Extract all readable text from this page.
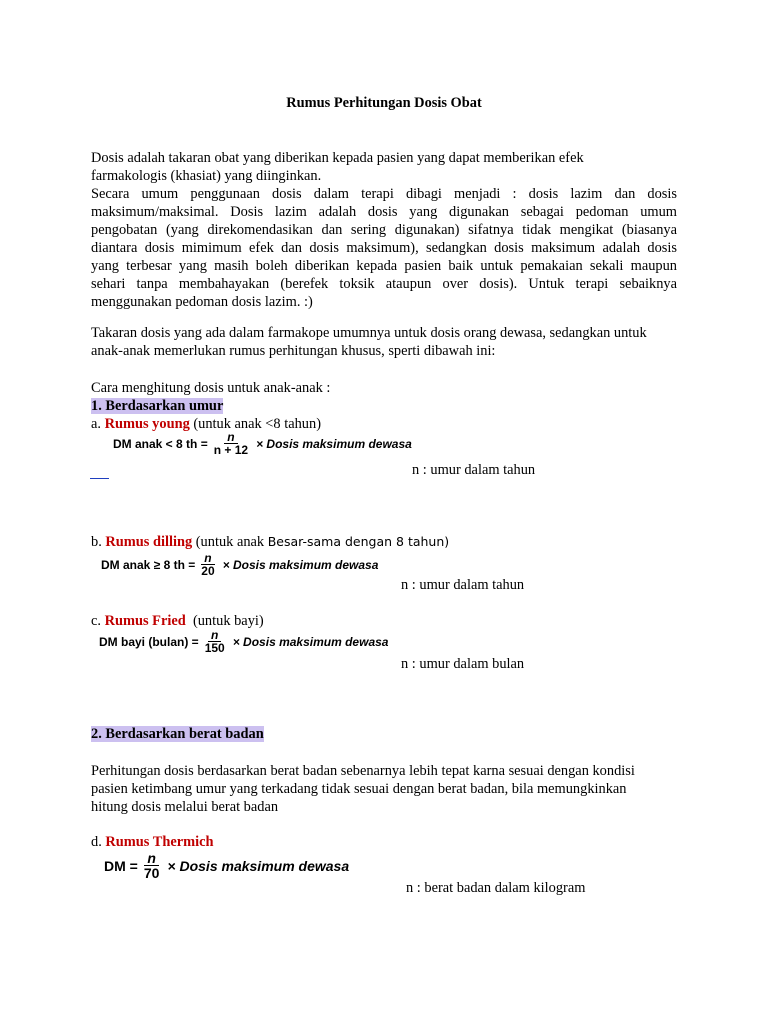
Rumus Perhitungan Dosis Obat
Dosis adalah takaran obat yang diberikan kepada pasien yang dapat memberikan efek
farmakologis (khasiat) yang diinginkan.
Secara umum penggunaan dosis dalam terapi dibagi menjadi : dosis lazim dan dosis
maksimum/maksimal. Dosis lazim adalah dosis yang digunakan sebagai pedoman umum
pengobatan (yang direkomendasikan dan sering digunakan) sifatnya tidak mengikat (biasanya
diantara dosis mimimum efek dan dosis maksimum), sedangkan dosis maksimum adalah dosis
yang terbesar yang masih boleh diberikan kepada pasien baik untuk pemakaian sekali maupun
sehari tanpa membahayakan (berefek toksik ataupun over dosis). Untuk terapi sebaiknya
menggunakan pedoman dosis lazim. :)
Takaran dosis yang ada dalam farmakope umumnya untuk dosis orang dewasa, sedangkan untuk
anak-anak memerlukan rumus perhitungan khusus, sperti dibawah ini:
Cara menghitung dosis untuk anak-anak :
1. Berdasarkan umur
a. Rumus young (untuk anak <8 tahun)
DM anak < 8 th = $\frac{n}{n + 12}$ × Dosis maksimum dewasa
n : umur dalam tahun
b. Rumus dilling (untuk anak Besar-sama dengan 8 tahun)
DM anak ≥ 8 th = $\frac{n}{20}$ × Dosis maksimum dewasa
n : umur dalam tahun
c. Rumus Fried  (untuk bayi)
DM bayi (bulan) = $\frac{n}{150}$ × Dosis maksimum dewasa
n : umur dalam bulan
2. Berdasarkan berat badan
Perhitungan dosis berdasarkan berat badan sebenarnya lebih tepat karna sesuai dengan kondisi
pasien ketimbang umur yang terkadang tidak sesuai dengan berat badan, bila memungkinkan
hitung dosis melalui berat badan
d. Rumus Thermich
DM = $\frac{n}{70}$ × Dosis maksimum dewasa
n : berat badan dalam kilogram
